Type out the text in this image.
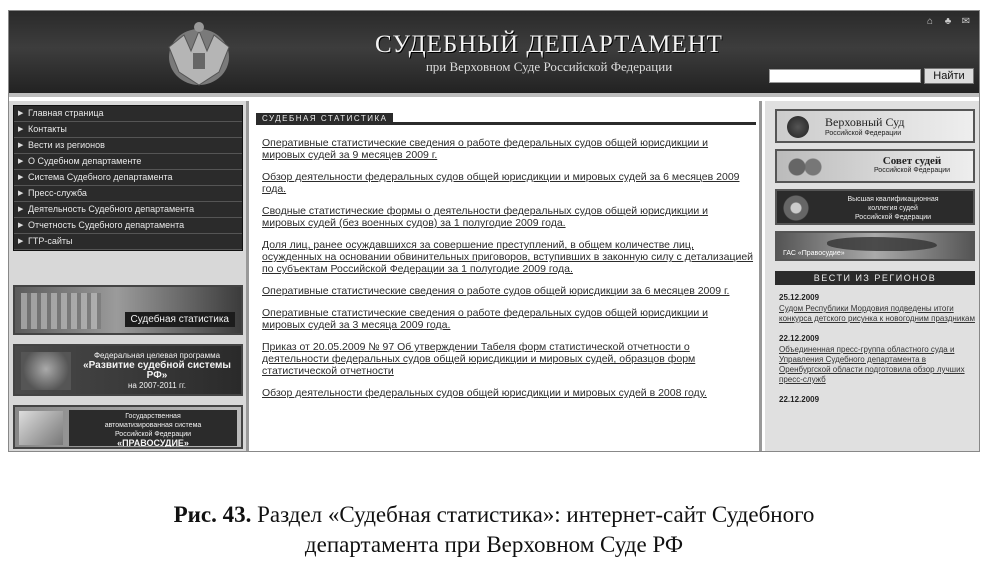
СУДЕБНЫЙ ДЕПАРТАМЕНТ
при Верховном Суде Российской Федерации
⌂ ♣ ✉
Найти
▶ Главная страница
▶ Контакты
▶ Вести из регионов
▶ О Судебном департаменте
▶ Система Судебного департамента
▶ Пресс-служба
▶ Деятельность Судебного департамента
▶ Отчетность Судебного департамента
▶ ГТР-сайты
Судебная статистика
Федеральная целевая программа
«Развитие судебной системы РФ»
на 2007-2011 гг.
Государственная
автоматизированная система
Российской Федерации
«ПРАВОСУДИЕ»
СУДЕБНАЯ СТАТИСТИКА
Оперативные статистические сведения о работе федеральных судов общей юрисдикции и мировых судей за 9 месяцев 2009 г.
Обзор деятельности федеральных судов общей юрисдикции и мировых судей за 6 месяцев 2009 года.
Сводные статистические формы о деятельности федеральных судов общей юрисдикции и мировых судей (без военных судов) за 1 полугодие 2009 года.
Доля лиц, ранее осуждавшихся за совершение преступлений, в общем количестве лиц, осужденных на основании обвинительных приговоров, вступивших в законную силу с детализацией по субъектам Российской Федерации за 1 полугодие 2009 года.
Оперативные статистические сведения о работе судов общей юрисдикции за 6 месяцев 2009 г.
Оперативные статистические сведения о работе федеральных судов общей юрисдикции и мировых судей за 3 месяца 2009 года.
Приказ от 20.05.2009 № 97 Об утверждении Табеля форм статистической отчетности о деятельности федеральных судов общей юрисдикции и мировых судей, образцов форм статистической отчетности
Обзор деятельности федеральных судов общей юрисдикции и мировых судей в 2008 году.
Верховный Суд
Российской Федерации
Совет судей
Российской Федерации
Высшая квалификационная
коллегия судей
Российской Федерации
ГАС «Правосудие»
ВЕСТИ ИЗ РЕГИОНОВ
25.12.2009
Судом Республики Мордовия подведены итоги конкурса детского рисунка к новогодним праздникам
22.12.2009
Объединенная пресс-группа областного суда и Управления Судебного департамента в Оренбургской области подготовила обзор лучших пресс-служб
22.12.2009
Рис. 43. Раздел «Судебная статистика»: интернет-сайт Судебного
департамента при Верховном Суде РФ
